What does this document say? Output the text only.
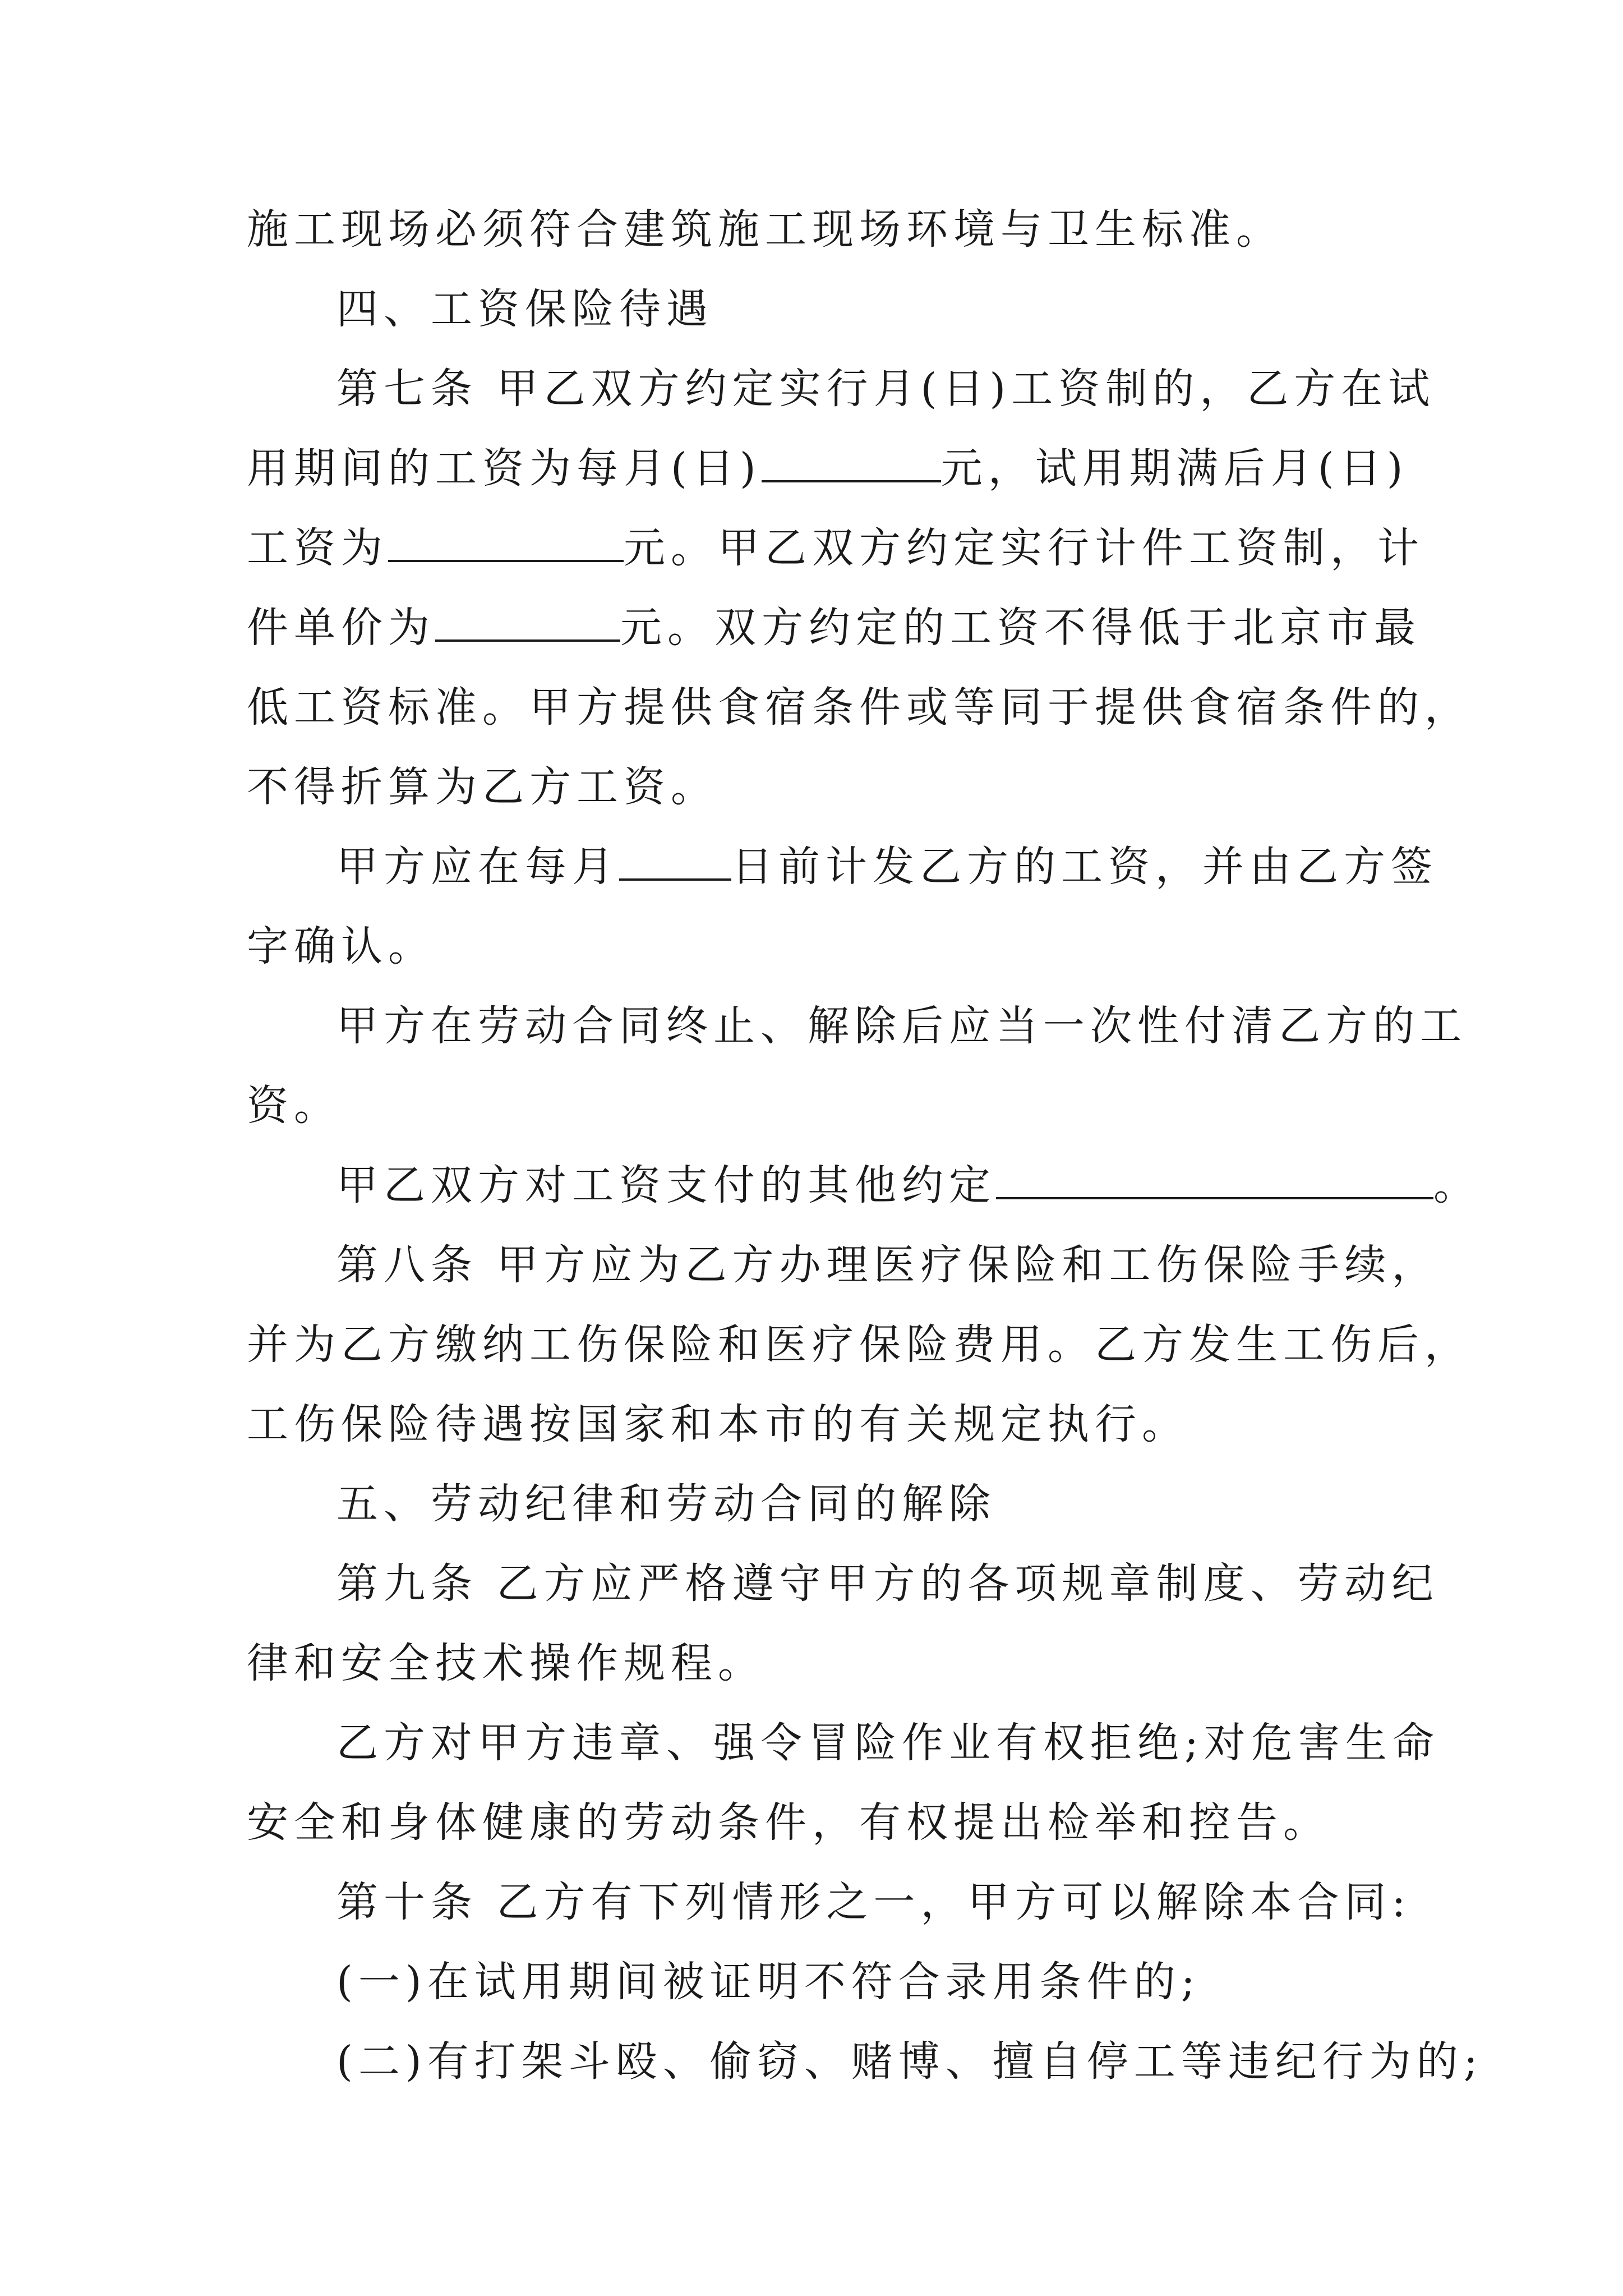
施工现场必须符合建筑施工现场环境与卫生标准。
四、工资保险待遇
第七条 甲乙双方约定实行月(日)工资制的，乙方在试
用期间的工资为每月(日)	元，试用期满后月(日)
工资为	元。甲乙双方约定实行计件工资制，计
件单价为	元。双方约定的工资不得低于北京市最
低工资标准。甲方提供食宿条件或等同于提供食宿条件的，
不得折算为乙方工资。
甲方应在每月	日前计发乙方的工资，并由乙方签
字确认。
甲方在劳动合同终止、解除后应当一次性付清乙方的工
资。
甲乙双方对工资支付的其他约定	。
第八条 甲方应为乙方办理医疗保险和工伤保险手续，
并为乙方缴纳工伤保险和医疗保险费用。乙方发生工伤后，
工伤保险待遇按国家和本市的有关规定执行。
五、劳动纪律和劳动合同的解除
第九条 乙方应严格遵守甲方的各项规章制度、劳动纪
律和安全技术操作规程。
乙方对甲方违章、强令冒险作业有权拒绝;对危害生命
安全和身体健康的劳动条件，有权提出检举和控告。
第十条 乙方有下列情形之一，甲方可以解除本合同:
(一)在试用期间被证明不符合录用条件的;
(二)有打架斗殴、偷窃、赌博、擅自停工等违纪行为的;
